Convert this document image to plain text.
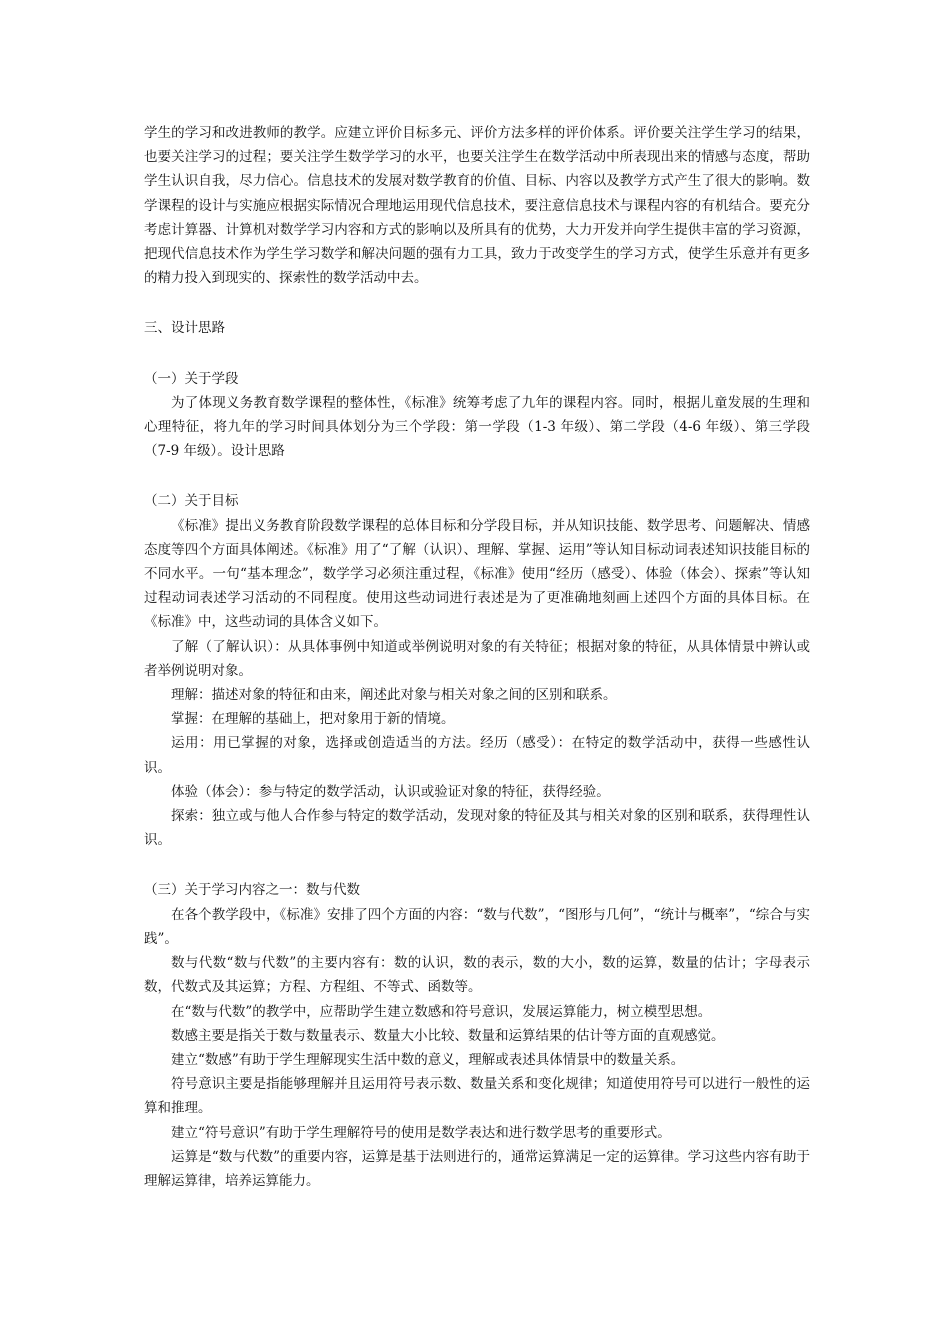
学生的学习和改进教师的教学。应建立评价目标多元、评价方法多样的评价体系。评价要关注学生学习的结果，也要关注学习的过程；要关注学生数学学习的水平，也要关注学生在数学活动中所表现出来的情感与态度，帮助学生认识自我，尽力信心。信息技术的发展对数学教育的价值、目标、内容以及教学方式产生了很大的影响。数学课程的设计与实施应根据实际情况合理地运用现代信息技术，要注意信息技术与课程内容的有机结合。要充分考虑计算器、计算机对数学学习内容和方式的影响以及所具有的优势，大力开发并向学生提供丰富的学习资源，把现代信息技术作为学生学习数学和解决问题的强有力工具，致力于改变学生的学习方式，使学生乐意并有更多的精力投入到现实的、探索性的数学活动中去。

三、设计思路

（一）关于学段

为了体现义务教育数学课程的整体性，《标准》统筹考虑了九年的课程内容。同时，根据儿童发展的生理和心理特征，将九年的学习时间具体划分为三个学段：第一学段（1-3 年级）、第二学段（4-6 年级）、第三学段（7-9 年级）。设计思路

（二）关于目标

《标准》提出义务教育阶段数学课程的总体目标和分学段目标，并从知识技能、数学思考、问题解决、情感态度等四个方面具体阐述。《标准》用了“了解（认识）、理解、掌握、运用”等认知目标动词表述知识技能目标的不同水平。一句“基本理念”，数学学习必须注重过程，《标准》使用“经历（感受）、体验（体会）、探索”等认知过程动词表述学习活动的不同程度。使用这些动词进行表述是为了更准确地刻画上述四个方面的具体目标。在《标准》中，这些动词的具体含义如下。

了解（了解认识）：从具体事例中知道或举例说明对象的有关特征；根据对象的特征，从具体情景中辨认或者举例说明对象。

理解：描述对象的特征和由来，阐述此对象与相关对象之间的区别和联系。

掌握：在理解的基础上，把对象用于新的情境。

运用：用已掌握的对象，选择或创造适当的方法。经历（感受）：在特定的数学活动中，获得一些感性认识。

体验（体会）：参与特定的数学活动，认识或验证对象的特征，获得经验。

探索：独立或与他人合作参与特定的数学活动，发现对象的特征及其与相关对象的区别和联系，获得理性认识。

（三）关于学习内容之一：数与代数

在各个教学段中，《标准》安排了四个方面的内容：“数与代数”，“图形与几何”，“统计与概率”，“综合与实践”。

数与代数“数与代数”的主要内容有：数的认识，数的表示，数的大小，数的运算，数量的估计；字母表示数，代数式及其运算；方程、方程组、不等式、函数等。

在“数与代数”的教学中，应帮助学生建立数感和符号意识，发展运算能力，树立模型思想。

数感主要是指关于数与数量表示、数量大小比较、数量和运算结果的估计等方面的直观感觉。

建立“数感”有助于学生理解现实生活中数的意义，理解或表述具体情景中的数量关系。

符号意识主要是指能够理解并且运用符号表示数、数量关系和变化规律；知道使用符号可以进行一般性的运算和推理。

建立“符号意识”有助于学生理解符号的使用是数学表达和进行数学思考的重要形式。

运算是“数与代数”的重要内容，运算是基于法则进行的，通常运算满足一定的运算律。学习这些内容有助于理解运算律，培养运算能力。
